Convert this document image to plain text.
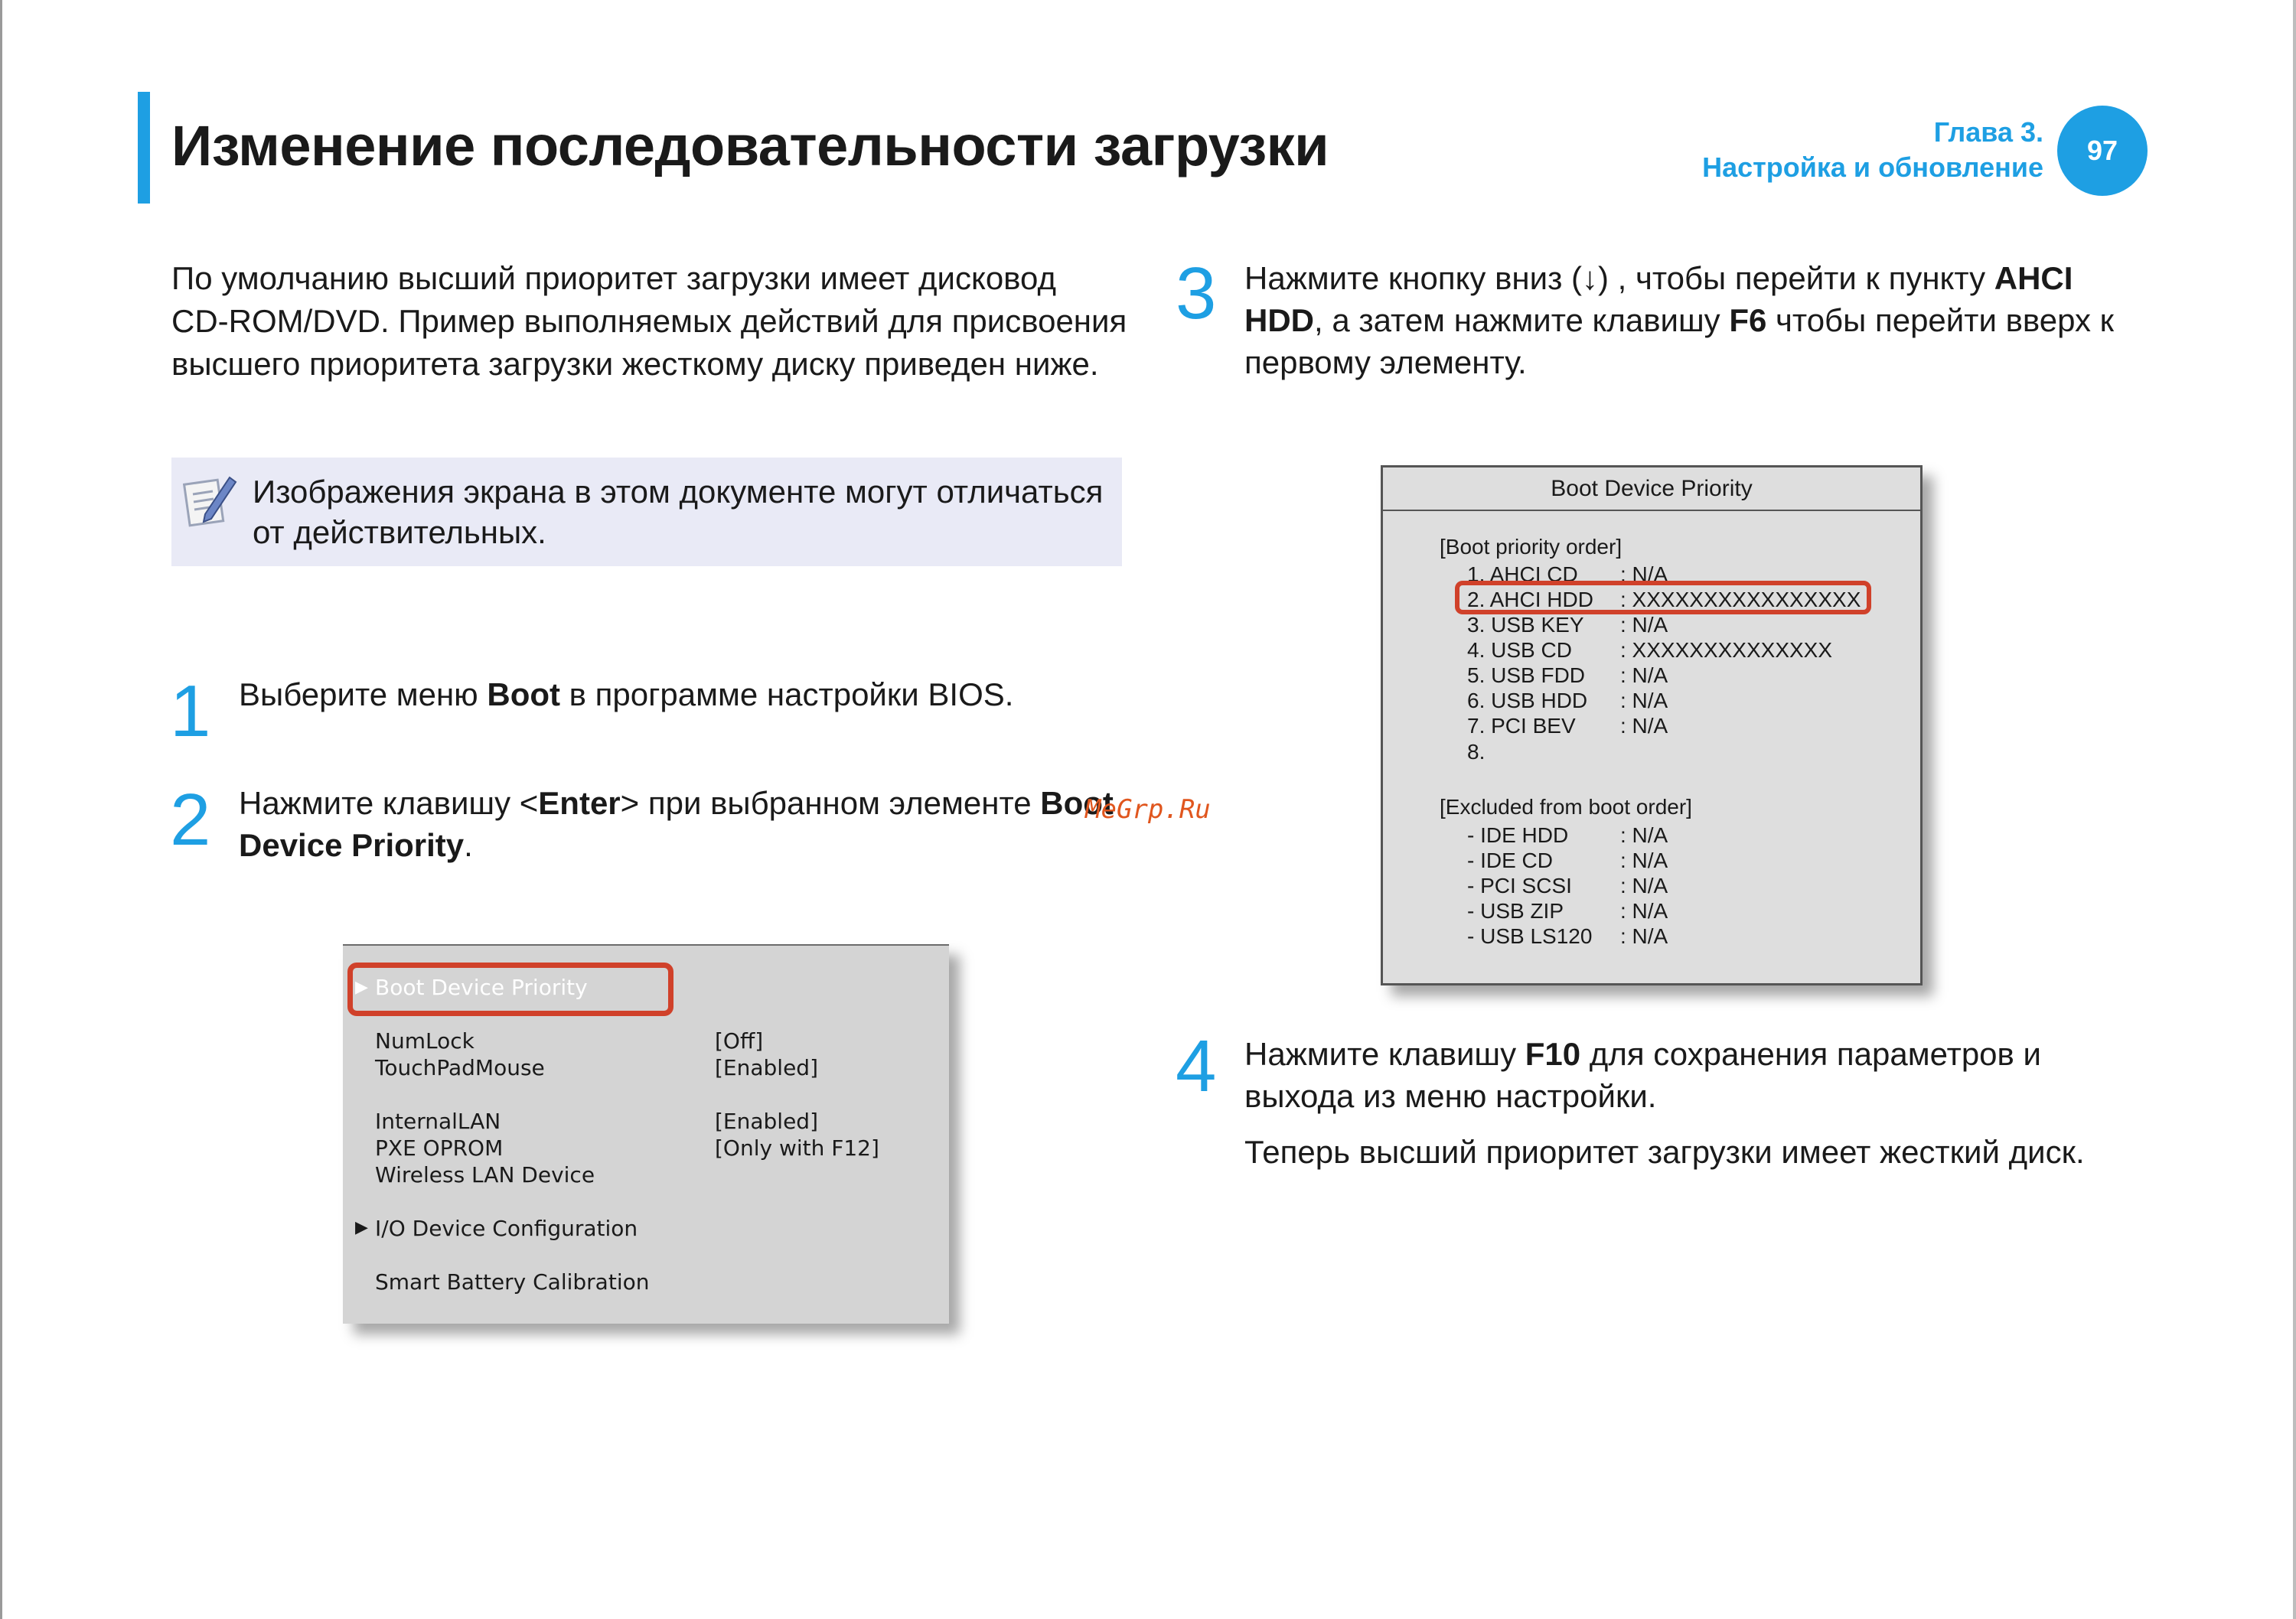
Изменение последовательности загрузки	Глава 3.
Настройка и обновление
97
По умолчанию высший приоритет загрузки имеет дисковод
CD-ROM/DVD. Пример выполняемых действий для присвоения
высшего приоритета загрузки жесткому диску приведен ниже.
Изображения экрана в этом документе могут отличаться
от действительных.
1 Выберите меню Boot в программе настройки BIOS.
2 Нажмите клавишу <Enter> при выбранном элементе Boot
Device Priority.
MeGrp.Ru
▶ Boot Device Priority
NumLock	[Off]
TouchPadMouse	[Enabled]
InternalLAN	[Enabled]
PXE OPROM	[Only with F12]
Wireless LAN Device
▶ I/O Device Configuration
Smart Battery Calibration
3 Нажмите кнопку вниз (↓) , чтобы перейти к пункту AHCI
HDD, а затем нажмите клавишу F6 чтобы перейти вверх к
первому элементу.
Boot Device Priority
[Boot priority order]
1. AHCI CD : N/A
2. AHCI HDD : XXXXXXXXXXXXXXXX
3. USB KEY : N/A
4. USB CD : XXXXXXXXXXXXXX
5. USB FDD : N/A
6. USB HDD : N/A
7. PCI BEV : N/A
8.
[Excluded from boot order]
- IDE HDD : N/A
- IDE CD	: N/A
- PCI SCSI : N/A
- USB ZIP	: N/A
- USB LS120 : N/A
4 Нажмите клавишу F10 для сохранения параметров и
выхода из меню настройки.
Теперь высший приоритет загрузки имеет жесткий диск.
